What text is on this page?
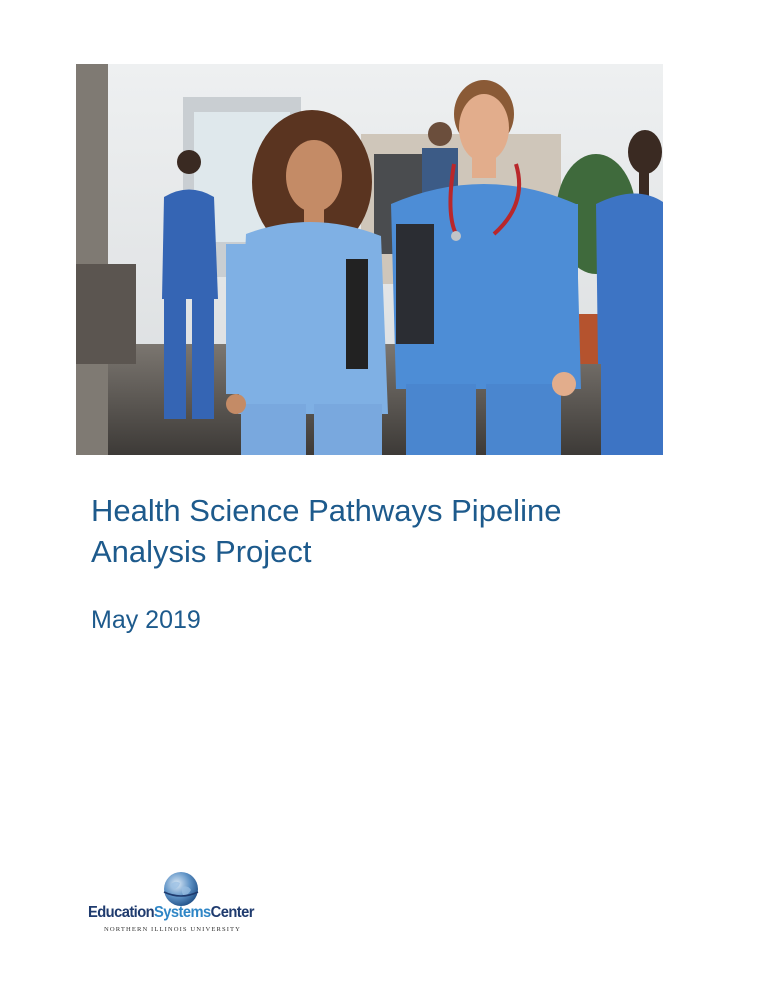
Health Science Pathways Pipeline
Analysis Project

May 2019

EducationSystemsCenter
NORTHERN ILLINOIS UNIVERSITY
